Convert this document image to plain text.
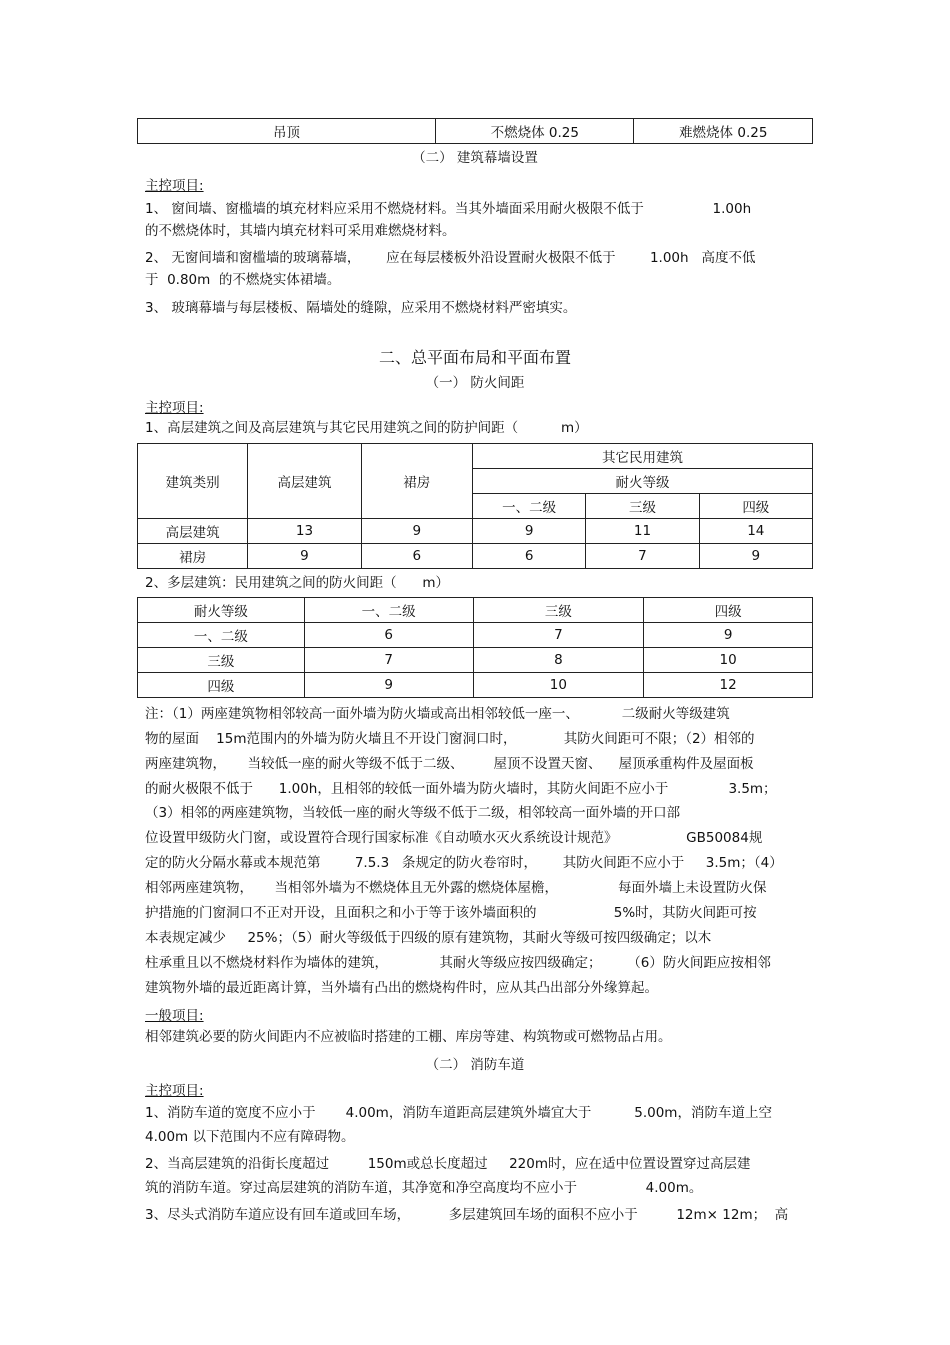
吊顶	不燃烧体 0.25	难燃烧体 0.25
（二） 建筑幕墙设置
主控项目:
1、 窗间墙、窗槛墙的填充材料应采用不燃烧材料。当其外墙面采用耐火极限不低于                1.00h
的不燃烧体时，其墙内填充材料可采用难燃烧材料。
2、 无窗间墙和窗槛墙的玻璃幕墙，      应在每层楼板外沿设置耐火极限不低于        1.00h   高度不低
于  0.80m  的不燃烧实体裙墙。
3、 玻璃幕墙与每层楼板、隔墙处的缝隙，应采用不燃烧材料严密填实。
二、总平面布局和平面布置
（一） 防火间距
主控项目:
1、高层建筑之间及高层建筑与其它民用建筑之间的防护间距（          m）
建筑类别	高层建筑	裙房	其它民用建筑		
			耐火等级		
			一、二级	三级	四级
高层建筑	13	9	9	11	14
裙房	9	6	6	7	9
2、多层建筑：民用建筑之间的防火间距（      m）
耐火等级	一、二级	三级	四级
一、二级	6	7	9
三级	7	8	10
四级	9	10	12
注：（1）两座建筑物相邻较高一面外墙为防火墙或高出相邻较低一座一、          二级耐火等级建筑
物的屋面    15m范围内的外墙为防火墙且不开设门窗洞口时，           其防火间距可不限；（2）相邻的
两座建筑物，     当较低一座的耐火等级不低于二级、       屋顶不设置天窗、    屋顶承重构件及屋面板
的耐火极限不低于      1.00h，且相邻的较低一面外墙为防火墙时，其防火间距不应小于              3.5m；
（3）相邻的两座建筑物，当较低一座的耐火等级不低于二级，相邻较高一面外墙的开口部
位设置甲级防火门窗，或设置符合现行国家标准《自动喷水灭火系统设计规范》                GB50084规
定的防火分隔水幕或本规范第        7.5.3   条规定的防火卷帘时，      其防火间距不应小于     3.5m；（4）
相邻两座建筑物，     当相邻外墙为不燃烧体且无外露的燃烧体屋檐，              每面外墙上未设置防火保
护措施的门窗洞口不正对开设，且面积之和小于等于该外墙面积的                  5%时，其防火间距可按
本表规定减少     25%；（5）耐火等级低于四级的原有建筑物，其耐火等级可按四级确定；以木
柱承重且以不燃烧材料作为墙体的建筑，            其耐火等级应按四级确定；      （6）防火间距应按相邻
建筑物外墙的最近距离计算，当外墙有凸出的燃烧构件时，应从其凸出部分外缘算起。
一般项目:
相邻建筑必要的防火间距内不应被临时搭建的工棚、库房等建、构筑物或可燃物品占用。
（二） 消防车道
主控项目:
1、消防车道的宽度不应小于       4.00m，消防车道距高层建筑外墙宜大于          5.00m，消防车道上空
4.00m 以下范围内不应有障碍物。
2、当高层建筑的沿街长度超过         150m或总长度超过     220m时，应在适中位置设置穿过高层建
筑的消防车道。穿过高层建筑的消防车道，其净宽和净空高度均不应小于                4.00m。
3、尽头式消防车道应设有回车道或回车场，         多层建筑回车场的面积不应小于         12m× 12m；  高
